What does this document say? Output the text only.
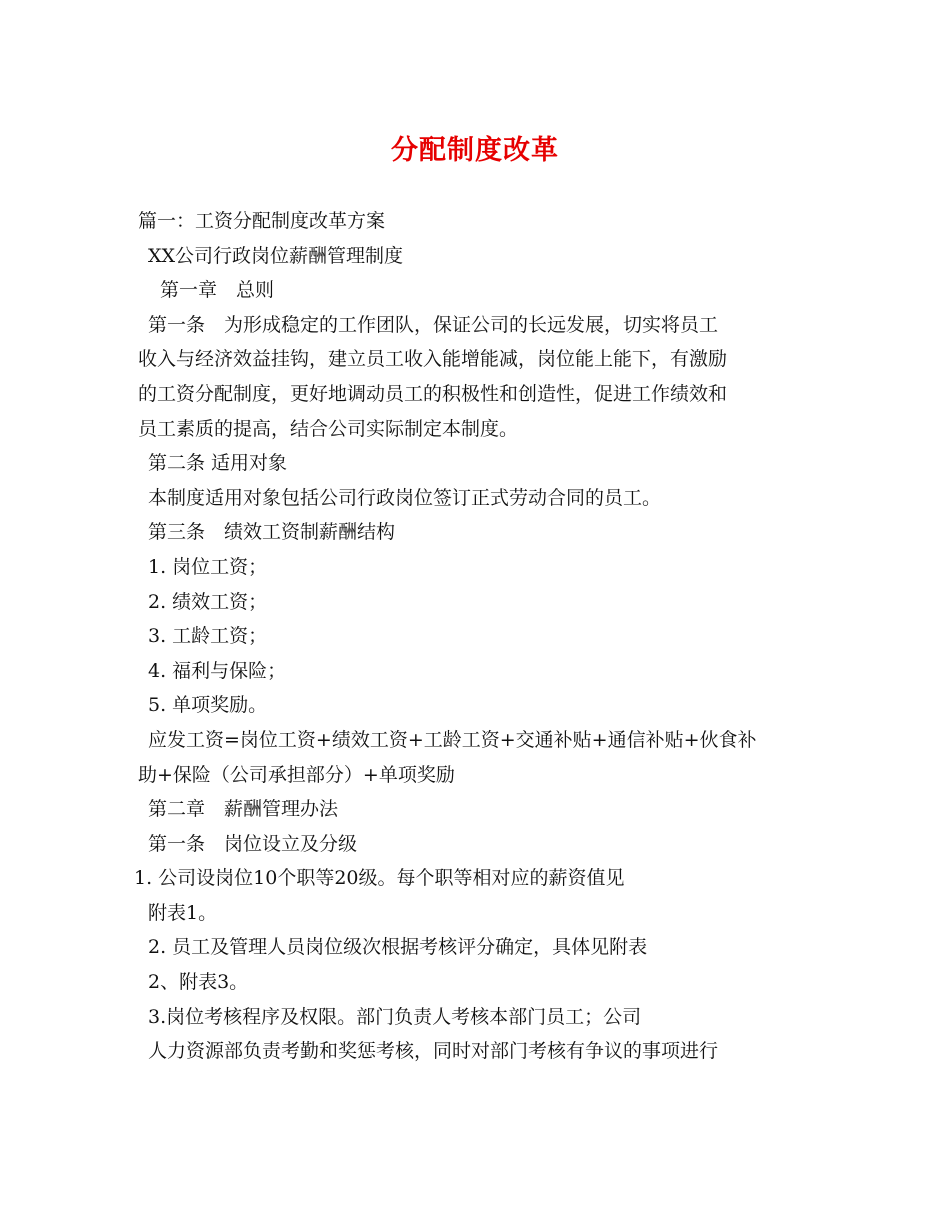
分配制度改革
篇一：工资分配制度改革方案
XX公司行政岗位薪酬管理制度
第一章　总则
第一条　为形成稳定的工作团队，保证公司的长远发展，切实将员工
收入与经济效益挂钩，建立员工收入能增能减，岗位能上能下，有激励
的工资分配制度，更好地调动员工的积极性和创造性，促进工作绩效和
员工素质的提高，结合公司实际制定本制度。
第二条 适用对象
本制度适用对象包括公司行政岗位签订正式劳动合同的员工。
第三条　绩效工资制薪酬结构
1. 岗位工资；
2. 绩效工资；
3. 工龄工资；
4. 福利与保险；
5. 单项奖励。
应发工资=岗位工资+绩效工资+工龄工资+交通补贴+通信补贴+伙食补
助+保险（公司承担部分）+单项奖励
第二章　薪酬管理办法
第一条　岗位设立及分级
1. 公司设岗位10个职等20级。每个职等相对应的薪资值见
附表1。
2. 员工及管理人员岗位级次根据考核评分确定，具体见附表
2、附表3。
3.岗位考核程序及权限。部门负责人考核本部门员工；公司
人力资源部负责考勤和奖惩考核，同时对部门考核有争议的事项进行
